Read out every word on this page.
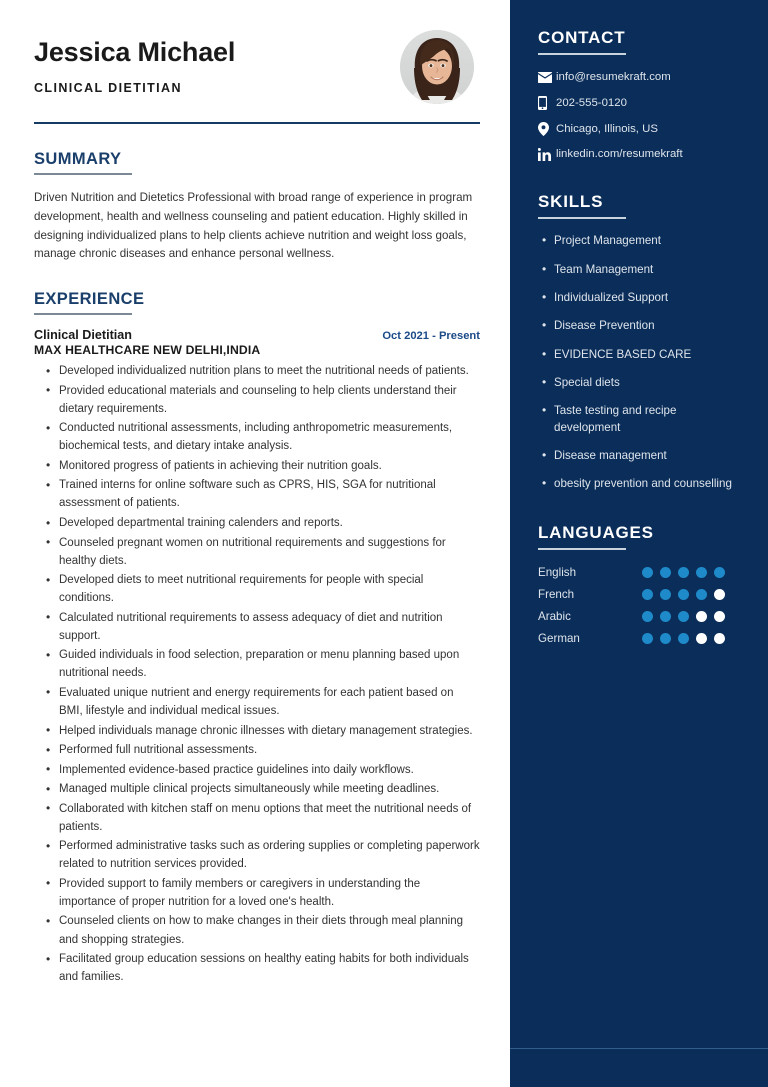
Jessica Michael
CLINICAL DIETITIAN
SUMMARY
Driven Nutrition and Dietetics Professional with broad range of experience in program development, health and wellness counseling and patient education. Highly skilled in designing individualized plans to help clients achieve nutrition and weight loss goals, manage chronic diseases and enhance personal wellness.
EXPERIENCE
Clinical Dietitian	Oct 2021 - Present
MAX HEALTHCARE NEW DELHI,INDIA
• Developed individualized nutrition plans to meet the nutritional needs of patients.
• Provided educational materials and counseling to help clients understand their dietary requirements.
• Conducted nutritional assessments, including anthropometric measurements, biochemical tests, and dietary intake analysis.
• Monitored progress of patients in achieving their nutrition goals.
• Trained interns for online software such as CPRS, HIS, SGA for nutritional assessment of patients.
• Developed departmental training calenders and reports.
• Counseled pregnant women on nutritional requirements and suggestions for healthy diets.
• Developed diets to meet nutritional requirements for people with special conditions.
• Calculated nutritional requirements to assess adequacy of diet and nutrition support.
• Guided individuals in food selection, preparation or menu planning based upon nutritional needs.
• Evaluated unique nutrient and energy requirements for each patient based on BMI, lifestyle and individual medical issues.
• Helped individuals manage chronic illnesses with dietary management strategies.
• Performed full nutritional assessments.
• Implemented evidence-based practice guidelines into daily workflows.
• Managed multiple clinical projects simultaneously while meeting deadlines.
• Collaborated with kitchen staff on menu options that meet the nutritional needs of patients.
• Performed administrative tasks such as ordering supplies or completing paperwork related to nutrition services provided.
• Provided support to family members or caregivers in understanding the importance of proper nutrition for a loved one's health.
• Counseled clients on how to make changes in their diets through meal planning and shopping strategies.
• Facilitated group education sessions on healthy eating habits for both individuals and families.
CONTACT
info@resumekraft.com
202-555-0120
Chicago, Illinois, US
linkedin.com/resumekraft
SKILLS
• Project Management
• Team Management
• Individualized Support
• Disease Prevention
• EVIDENCE BASED CARE
• Special diets
• Taste testing and recipe development
• Disease management
• obesity prevention and counselling
LANGUAGES
English
French
Arabic
German
